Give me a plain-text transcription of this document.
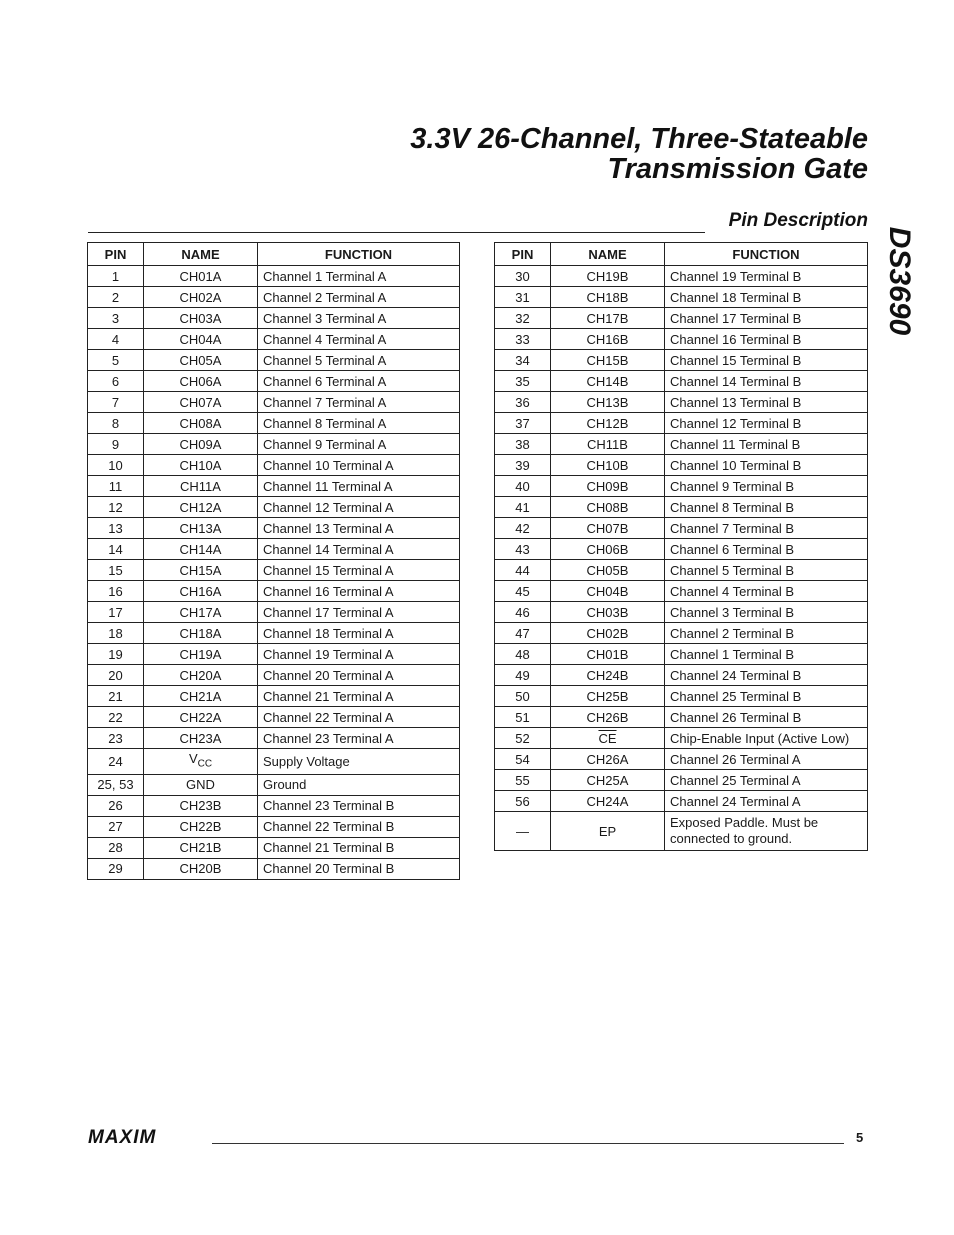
3.3V 26-Channel, Three-Stateable
Transmission Gate
Pin Description
DS3690
PIN	NAME	FUNCTION
1	CH01A	Channel 1 Terminal A
2	CH02A	Channel 2 Terminal A
3	CH03A	Channel 3 Terminal A
4	CH04A	Channel 4 Terminal A
5	CH05A	Channel 5 Terminal A
6	CH06A	Channel 6 Terminal A
7	CH07A	Channel 7 Terminal A
8	CH08A	Channel 8 Terminal A
9	CH09A	Channel 9 Terminal A
10	CH10A	Channel 10 Terminal A
11	CH11A	Channel 11 Terminal A
12	CH12A	Channel 12 Terminal A
13	CH13A	Channel 13 Terminal A
14	CH14A	Channel 14 Terminal A
15	CH15A	Channel 15 Terminal A
16	CH16A	Channel 16 Terminal A
17	CH17A	Channel 17 Terminal A
18	CH18A	Channel 18 Terminal A
19	CH19A	Channel 19 Terminal A
20	CH20A	Channel 20 Terminal A
21	CH21A	Channel 21 Terminal A
22	CH22A	Channel 22 Terminal A
23	CH23A	Channel 23 Terminal A
24	$V_{CC}$	Supply Voltage
25, 53	GND	Ground
26	CH23B	Channel 23 Terminal B
27	CH22B	Channel 22 Terminal B
28	CH21B	Channel 21 Terminal B
29	CH20B	Channel 20 Terminal B
PIN	NAME	FUNCTION
30	CH19B	Channel 19 Terminal B
31	CH18B	Channel 18 Terminal B
32	CH17B	Channel 17 Terminal B
33	CH16B	Channel 16 Terminal B
34	CH15B	Channel 15 Terminal B
35	CH14B	Channel 14 Terminal B
36	CH13B	Channel 13 Terminal B
37	CH12B	Channel 12 Terminal B
38	CH11B	Channel 11 Terminal B
39	CH10B	Channel 10 Terminal B
40	CH09B	Channel 9 Terminal B
41	CH08B	Channel 8 Terminal B
42	CH07B	Channel 7 Terminal B
43	CH06B	Channel 6 Terminal B
44	CH05B	Channel 5 Terminal B
45	CH04B	Channel 4 Terminal B
46	CH03B	Channel 3 Terminal B
47	CH02B	Channel 2 Terminal B
48	CH01B	Channel 1 Terminal B
49	CH24B	Channel 24 Terminal B
50	CH25B	Channel 25 Terminal B
51	CH26B	Channel 26 Terminal B
52	$\overline{CE}$	Chip-Enable Input (Active Low)
54	CH26A	Channel 26 Terminal A
55	CH25A	Channel 25 Terminal A
56	CH24A	Channel 24 Terminal A
—	EP	Exposed Paddle. Must be connected to ground.
MAXIM	5
